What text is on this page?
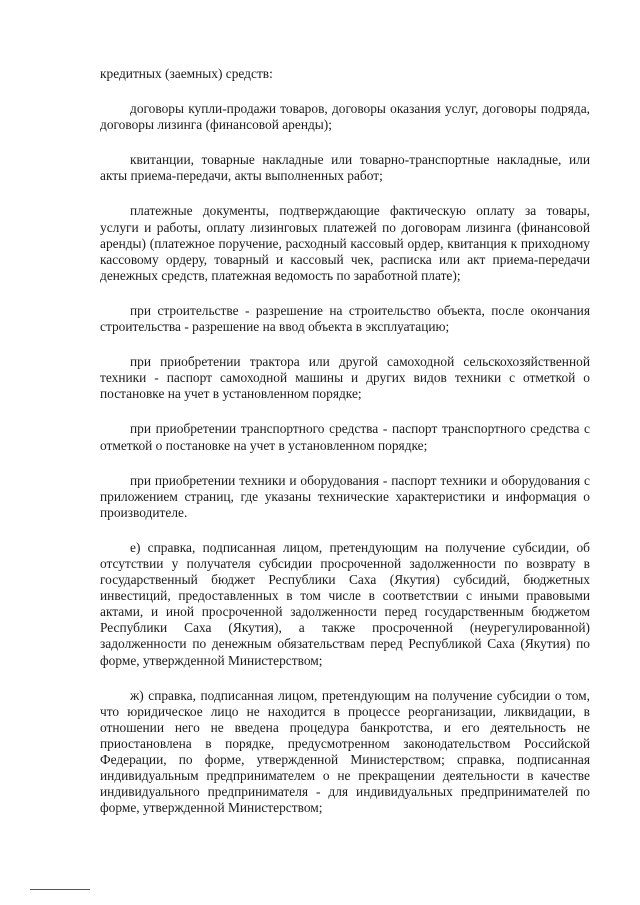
кредитных (заемных) средств:

договоры купли-продажи товаров, договоры оказания услуг, договоры подряда, договоры лизинга (финансовой аренды);

квитанции, товарные накладные или товарно-транспортные накладные, или акты приема-передачи, акты выполненных работ;

платежные документы, подтверждающие фактическую оплату за товары, услуги и работы, оплату лизинговых платежей по договорам лизинга (финансовой аренды) (платежное поручение, расходный кассовый ордер, квитанция к приходному кассовому ордеру, товарный и кассовый чек, расписка или акт приема-передачи денежных средств, платежная ведомость по заработной плате);

при строительстве - разрешение на строительство объекта, после окончания строительства - разрешение на ввод объекта в эксплуатацию;

при приобретении трактора или другой самоходной сельскохозяйственной техники - паспорт самоходной машины и других видов техники с отметкой о постановке на учет в установленном порядке;

при приобретении транспортного средства - паспорт транспортного средства с отметкой о постановке на учет в установленном порядке;

при приобретении техники и оборудования - паспорт техники и оборудования с приложением страниц, где указаны технические характеристики и информация о производителе.

е) справка, подписанная лицом, претендующим на получение субсидии, об отсутствии у получателя субсидии просроченной задолженности по возврату в государственный бюджет Республики Саха (Якутия) субсидий, бюджетных инвестиций, предоставленных в том числе в соответствии с иными правовыми актами, и иной просроченной задолженности перед государственным бюджетом Республики Саха (Якутия), а также просроченной (неурегулированной) задолженности по денежным обязательствам перед Республикой Саха (Якутия) по форме, утвержденной Министерством;

ж) справка, подписанная лицом, претендующим на получение субсидии о том, что юридическое лицо не находится в процессе реорганизации, ликвидации, в отношении него не введена процедура банкротства, и его деятельность не приостановлена в порядке, предусмотренном законодательством Российской Федерации, по форме, утвержденной Министерством; справка, подписанная индивидуальным предпринимателем о не прекращении деятельности в качестве индивидуального предпринимателя - для индивидуальных предпринимателей по форме, утвержденной Министерством;
